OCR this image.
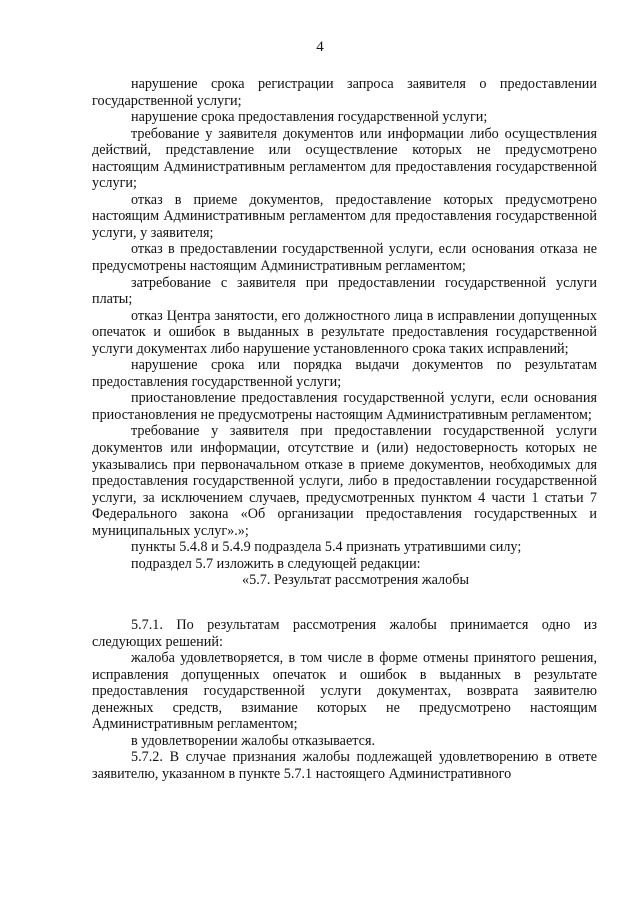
4

нарушение срока регистрации запроса заявителя о предоставлении государственной услуги;

нарушение срока предоставления государственной услуги;

требование у заявителя документов или информации либо осуществления действий, представление или осуществление которых не предусмотрено настоящим Административным регламентом для предоставления государственной услуги;

отказ в приеме документов, предоставление которых предусмотрено настоящим Административным регламентом для предоставления государственной услуги, у заявителя;

отказ в предоставлении государственной услуги, если основания отказа не предусмотрены настоящим Административным регламентом;

затребование с заявителя при предоставлении государственной услуги платы;

отказ Центра занятости, его должностного лица в исправлении допущенных опечаток и ошибок в выданных в результате предоставления государственной услуги документах либо нарушение установленного срока таких исправлений;

нарушение срока или порядка выдачи документов по результатам предоставления государственной услуги;

приостановление предоставления государственной услуги, если основания приостановления не предусмотрены настоящим Административным регламентом;

требование у заявителя при предоставлении государственной услуги документов или информации, отсутствие и (или) недостоверность которых не указывались при первоначальном отказе в приеме документов, необходимых для предоставления государственной услуги, либо в предоставлении государственной услуги, за исключением случаев, предусмотренных пунктом 4 части 1 статьи 7 Федерального закона «Об организации предоставления государственных и муниципальных услуг».»;

пункты 5.4.8 и 5.4.9 подраздела 5.4 признать утратившими силу;

подраздел 5.7 изложить в следующей редакции:

«5.7. Результат рассмотрения жалобы

5.7.1. По результатам рассмотрения жалобы принимается одно из следующих решений:

жалоба удовлетворяется, в том числе в форме отмены принятого решения, исправления допущенных опечаток и ошибок в выданных в результате предоставления государственной услуги документах, возврата заявителю денежных средств, взимание которых не предусмотрено настоящим Административным регламентом;

в удовлетворении жалобы отказывается.

5.7.2. В случае признания жалобы подлежащей удовлетворению в ответе заявителю, указанном в пункте 5.7.1 настоящего Административного
